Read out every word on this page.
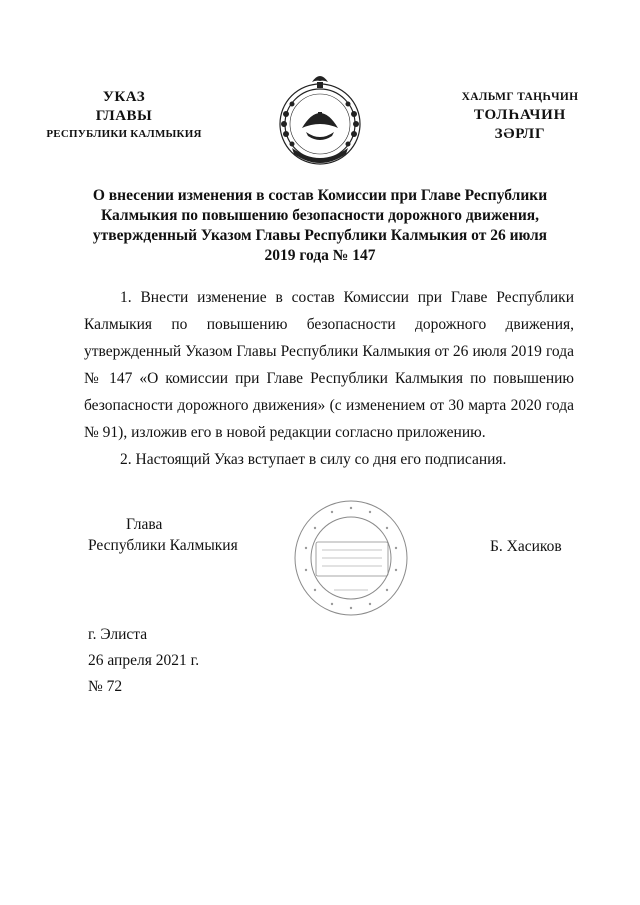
УКАЗ
ГЛАВЫ
РЕСПУБЛИКИ КАЛМЫКИЯ
ХАЛЬМГ ТАҢҺЧИН
ТОЛҺАЧИН
ЗӘРЛГ
О внесении изменения в состав Комиссии при Главе Республики
Калмыкия по повышению безопасности дорожного движения,
утвержденный Указом Главы Республики Калмыкия от 26 июля
2019 года № 147
1. Внести изменение в состав Комиссии при Главе Республики
Калмыкия по повышению безопасности дорожного движения,
утвержденный Указом Главы Республики Калмыкия от 26 июля 2019 года
№ 147 «О комиссии при Главе Республики Калмыкия по повышению
безопасности дорожного движения» (с изменением от 30 марта 2020 года
№ 91), изложив его в новой редакции согласно приложению.
2. Настоящий Указ вступает в силу со дня его подписания.
Глава
Республики Калмыкия	Б. Хасиков
г. Элиста
26 апреля 2021 г.
№ 72
